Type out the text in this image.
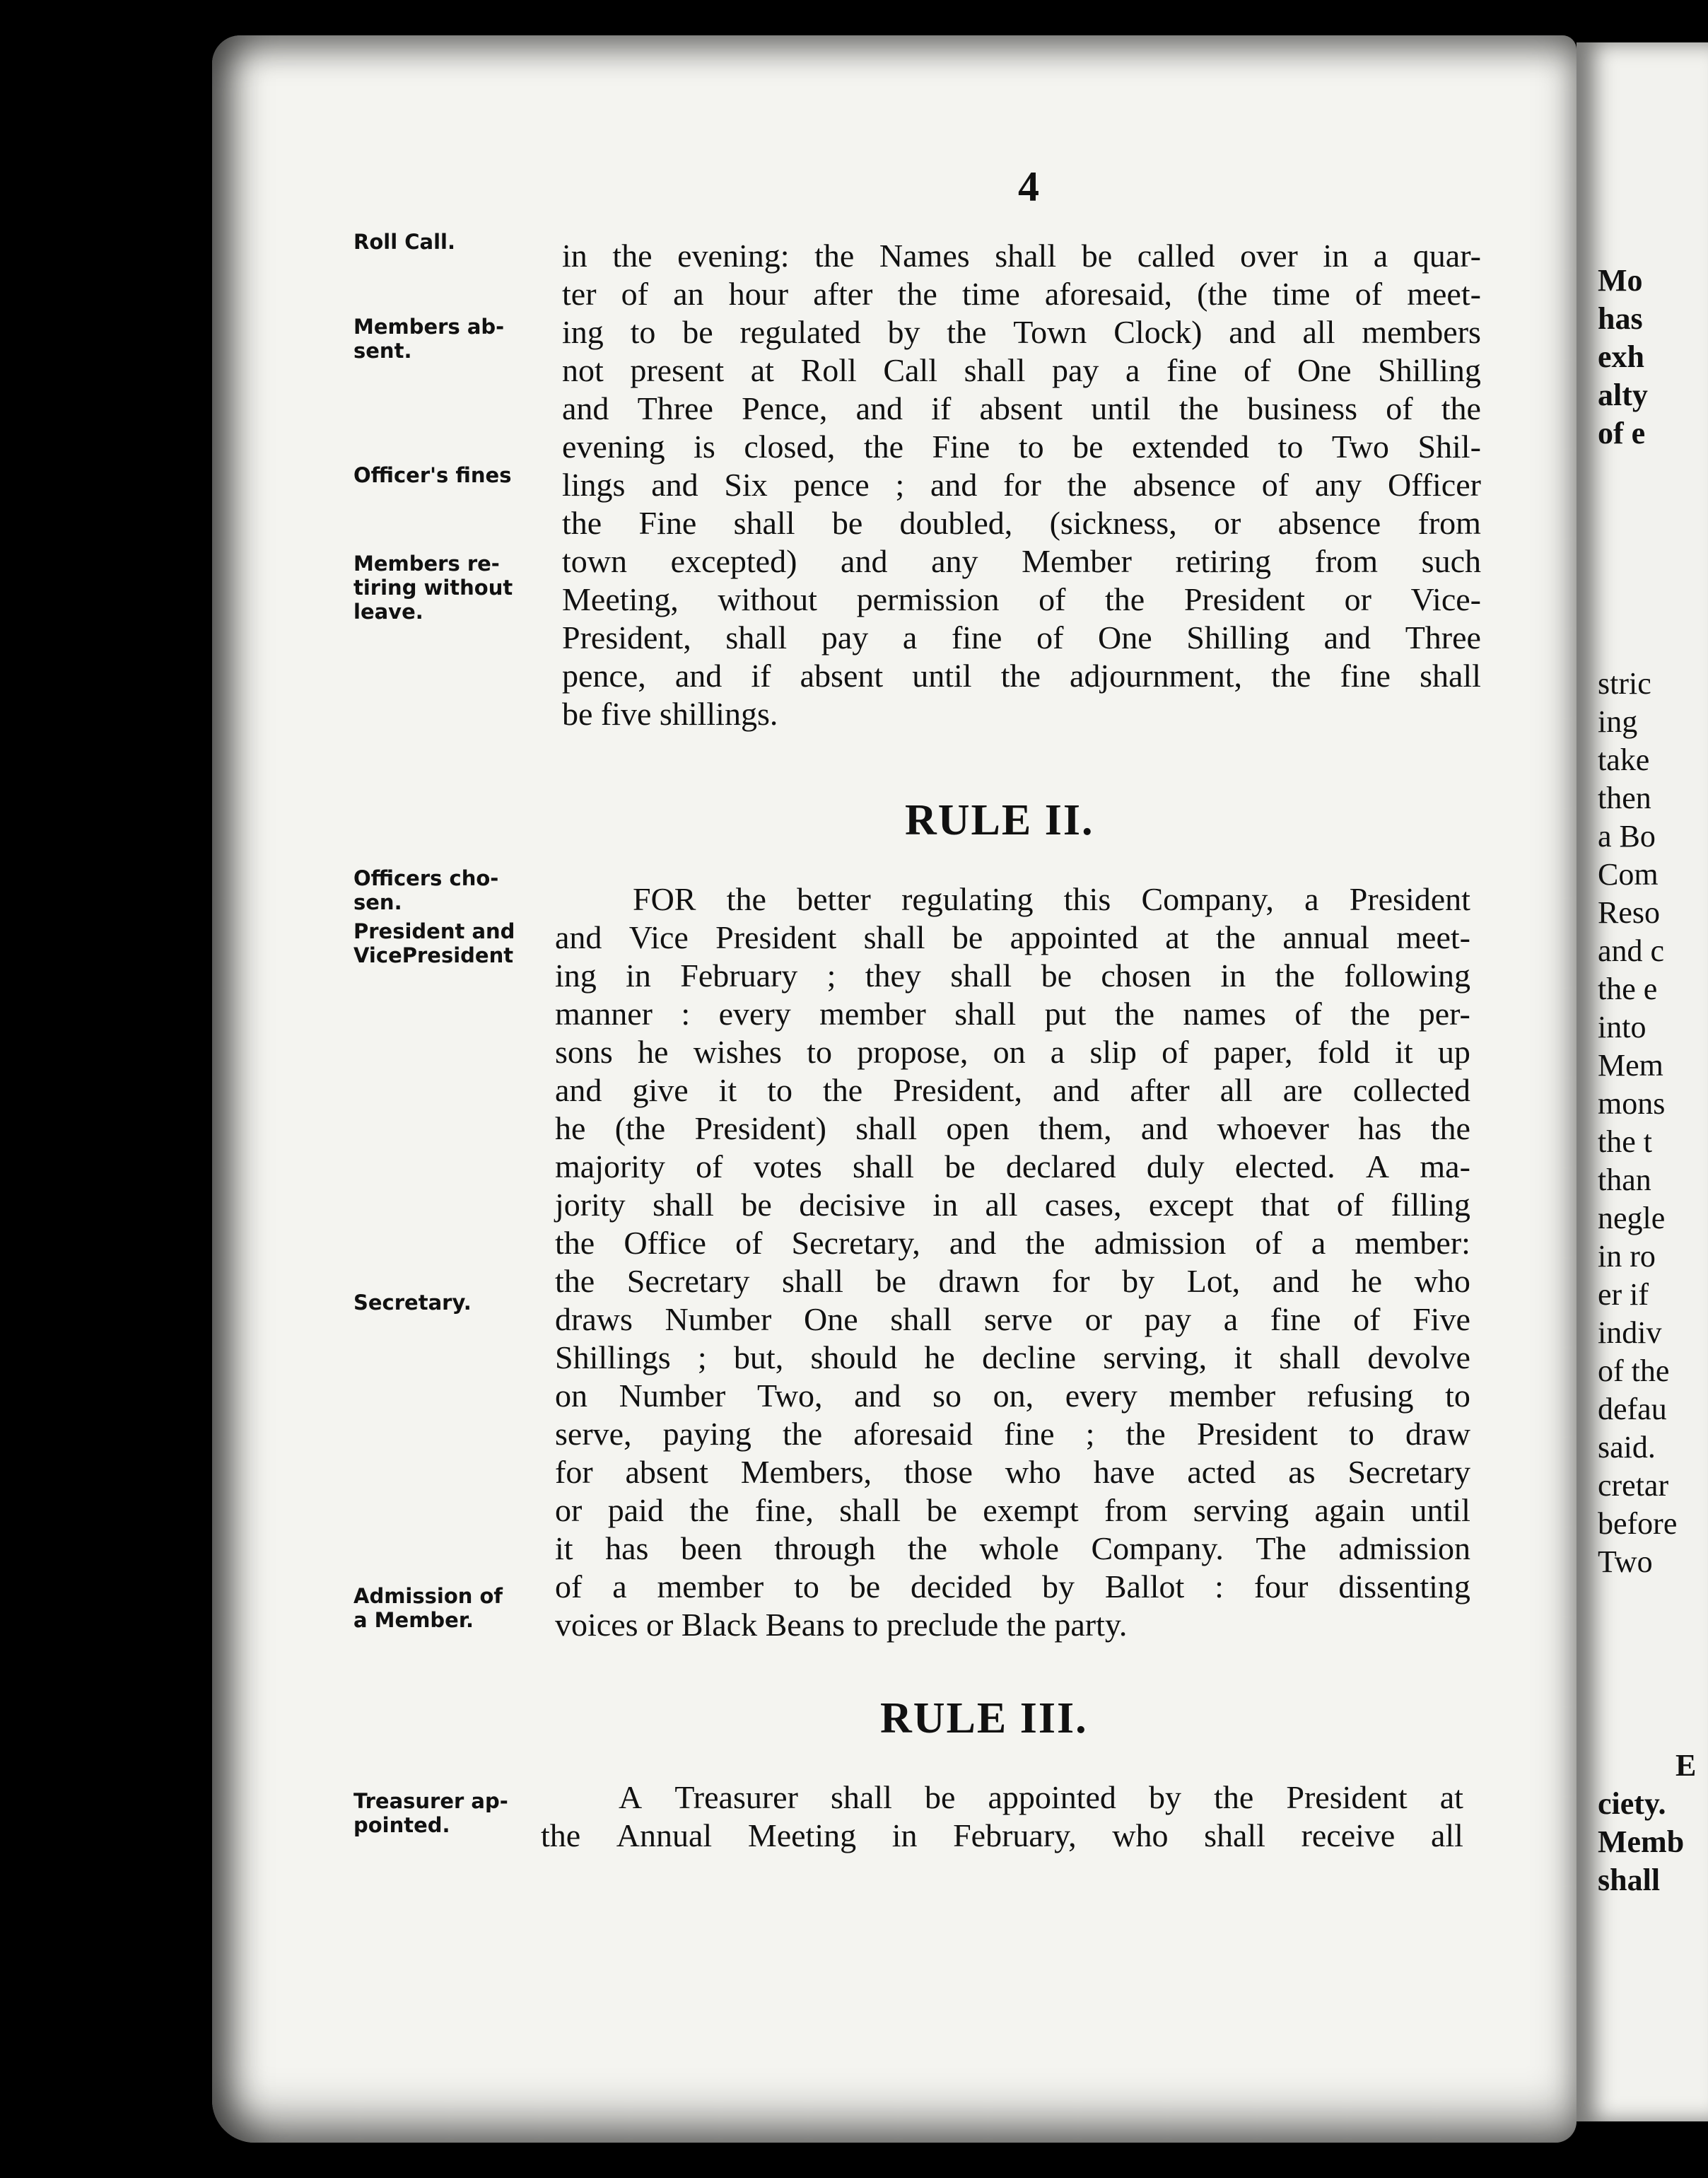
4
Roll Call.
Members ab-
sent.
Officer's fines
Members re-
tiring without
leave.
Officers cho-
sen.
President and
VicePresident
Secretary.
Admission of
a Member.
Treasurer ap-
pointed.
in the evening: the Names shall be called over in a quar-
ter of an hour after the time aforesaid, (the time of meet-
ing to be regulated by the Town Clock) and all members
not present at Roll Call shall pay a fine of One Shilling
and Three Pence, and if absent until the business of the
evening is closed, the Fine to be extended to Two Shil-
lings and Six pence ; and for the absence of any Officer
the Fine shall be doubled, (sickness, or absence from
town excepted) and any Member retiring from such
Meeting, without permission of the President or Vice-
President, shall pay a fine of One Shilling and Three
pence, and if absent until the adjournment, the fine shall
be five shillings.
RULE II.
FOR the better regulating this Company, a President
and Vice President shall be appointed at the annual meet-
ing in February ; they shall be chosen in the following
manner : every member shall put the names of the per-
sons he wishes to propose, on a slip of paper, fold it up
and give it to the President, and after all are collected
he (the President) shall open them, and whoever has the
majority of votes shall be declared duly elected. A ma-
jority shall be decisive in all cases, except that of filling
the Office of Secretary, and the admission of a member:
the Secretary shall be drawn for by Lot, and he who
draws Number One shall serve or pay a fine of Five
Shillings ; but, should he decline serving, it shall devolve
on Number Two, and so on, every member refusing to
serve, paying the aforesaid fine ; the President to draw
for absent Members, those who have acted as Secretary
or paid the fine, shall be exempt from serving again until
it has been through the whole Company. The admission
of a member to be decided by Ballot : four dissenting
voices or Black Beans to preclude the party.
RULE III.
A Treasurer shall be appointed by the President at
the Annual Meeting in February, who shall receive all
Mo
has
exh
alty
of e
stric
ing
take
then
a Bo
Com
Reso
and c
the e
into
Mem
mons
the t
than
negle
in ro
er if
indiv
of the
defau
said.
cretar
before
Two
E
ciety.
Memb
shall
